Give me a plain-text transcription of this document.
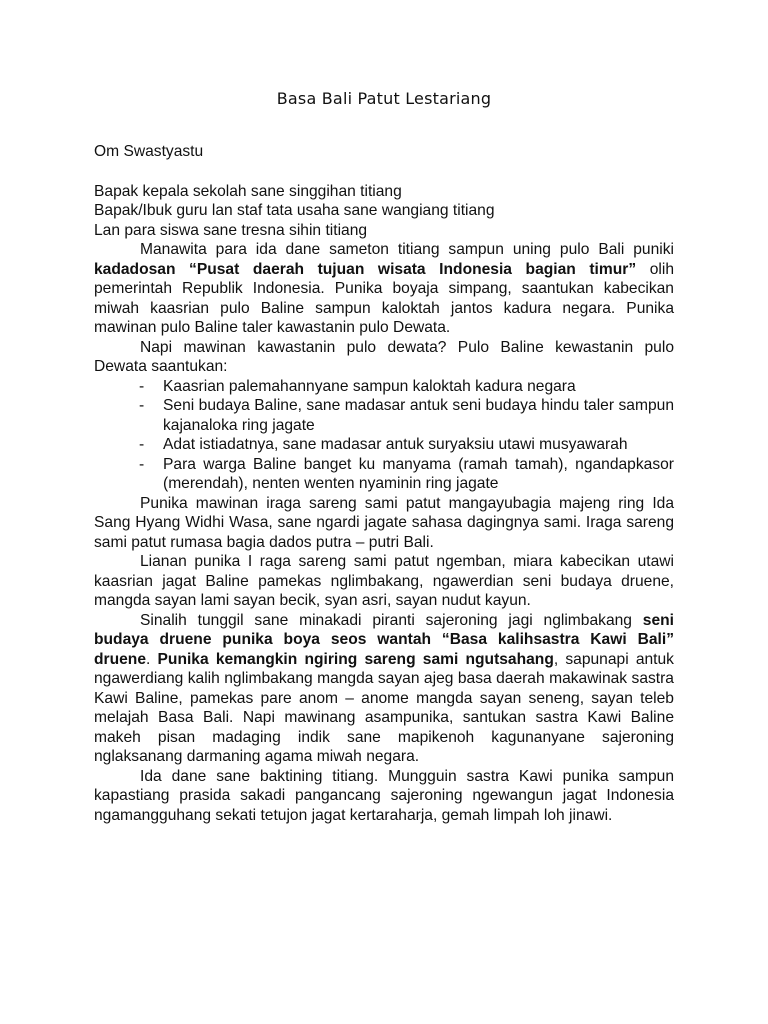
Basa Bali Patut Lestariang

Om Swastyastu

Bapak kepala sekolah sane singgihan titiang

Bapak/Ibuk guru lan staf tata usaha sane wangiang titiang

Lan para siswa sane tresna sihin titiang

Manawita para ida dane sameton titiang sampun uning pulo Bali puniki kadadosan “Pusat daerah tujuan wisata Indonesia bagian timur” olih pemerintah Republik Indonesia. Punika boyaja simpang, saantukan kabecikan miwah kaasrian pulo Baline sampun kaloktah jantos kadura negara. Punika mawinan pulo Baline taler kawastanin pulo Dewata.

Napi mawinan kawastanin pulo dewata? Pulo Baline kewastanin pulo Dewata saantukan:

- Kaasrian palemahannyane sampun kaloktah kadura negara
- Seni budaya Baline, sane madasar antuk seni budaya hindu taler sampun kajanaloka ring jagate
- Adat istiadatnya, sane madasar antuk suryaksiu utawi musyawarah
- Para warga Baline banget ku manyama (ramah tamah), ngandapkasor (merendah), nenten wenten nyaminin ring jagate

Punika mawinan iraga sareng sami patut mangayubagia majeng ring Ida Sang Hyang Widhi Wasa, sane ngardi jagate sahasa dagingnya sami. Iraga sareng sami patut rumasa bagia dados putra – putri Bali.

Lianan punika I raga sareng sami patut ngemban, miara kabecikan utawi kaasrian jagat Baline pamekas nglimbakang, ngawerdian seni budaya druene, mangda sayan lami sayan becik, syan asri, sayan nudut kayun.

Sinalih tunggil sane minakadi piranti sajeroning jagi nglimbakang seni budaya druene punika boya seos wantah “Basa kalihsastra Kawi Bali” druene. Punika kemangkin ngiring sareng sami ngutsahang, sapunapi antuk ngawerdiang kalih nglimbakang mangda sayan ajeg basa daerah makawinak sastra Kawi Baline, pamekas pare anom – anome mangda sayan seneng, sayan teleb melajah Basa Bali. Napi mawinang asampunika, santukan sastra Kawi Baline makeh pisan madaging indik sane mapikenoh kagunanyane sajeroning nglaksanang darmaning agama miwah negara.

Ida dane sane baktining titiang. Mungguin sastra Kawi punika sampun kapastiang prasida sakadi pangancang sajeroning ngewangun jagat Indonesia ngamangguhang sekati tetujon jagat kertaraharja, gemah limpah loh jinawi.
